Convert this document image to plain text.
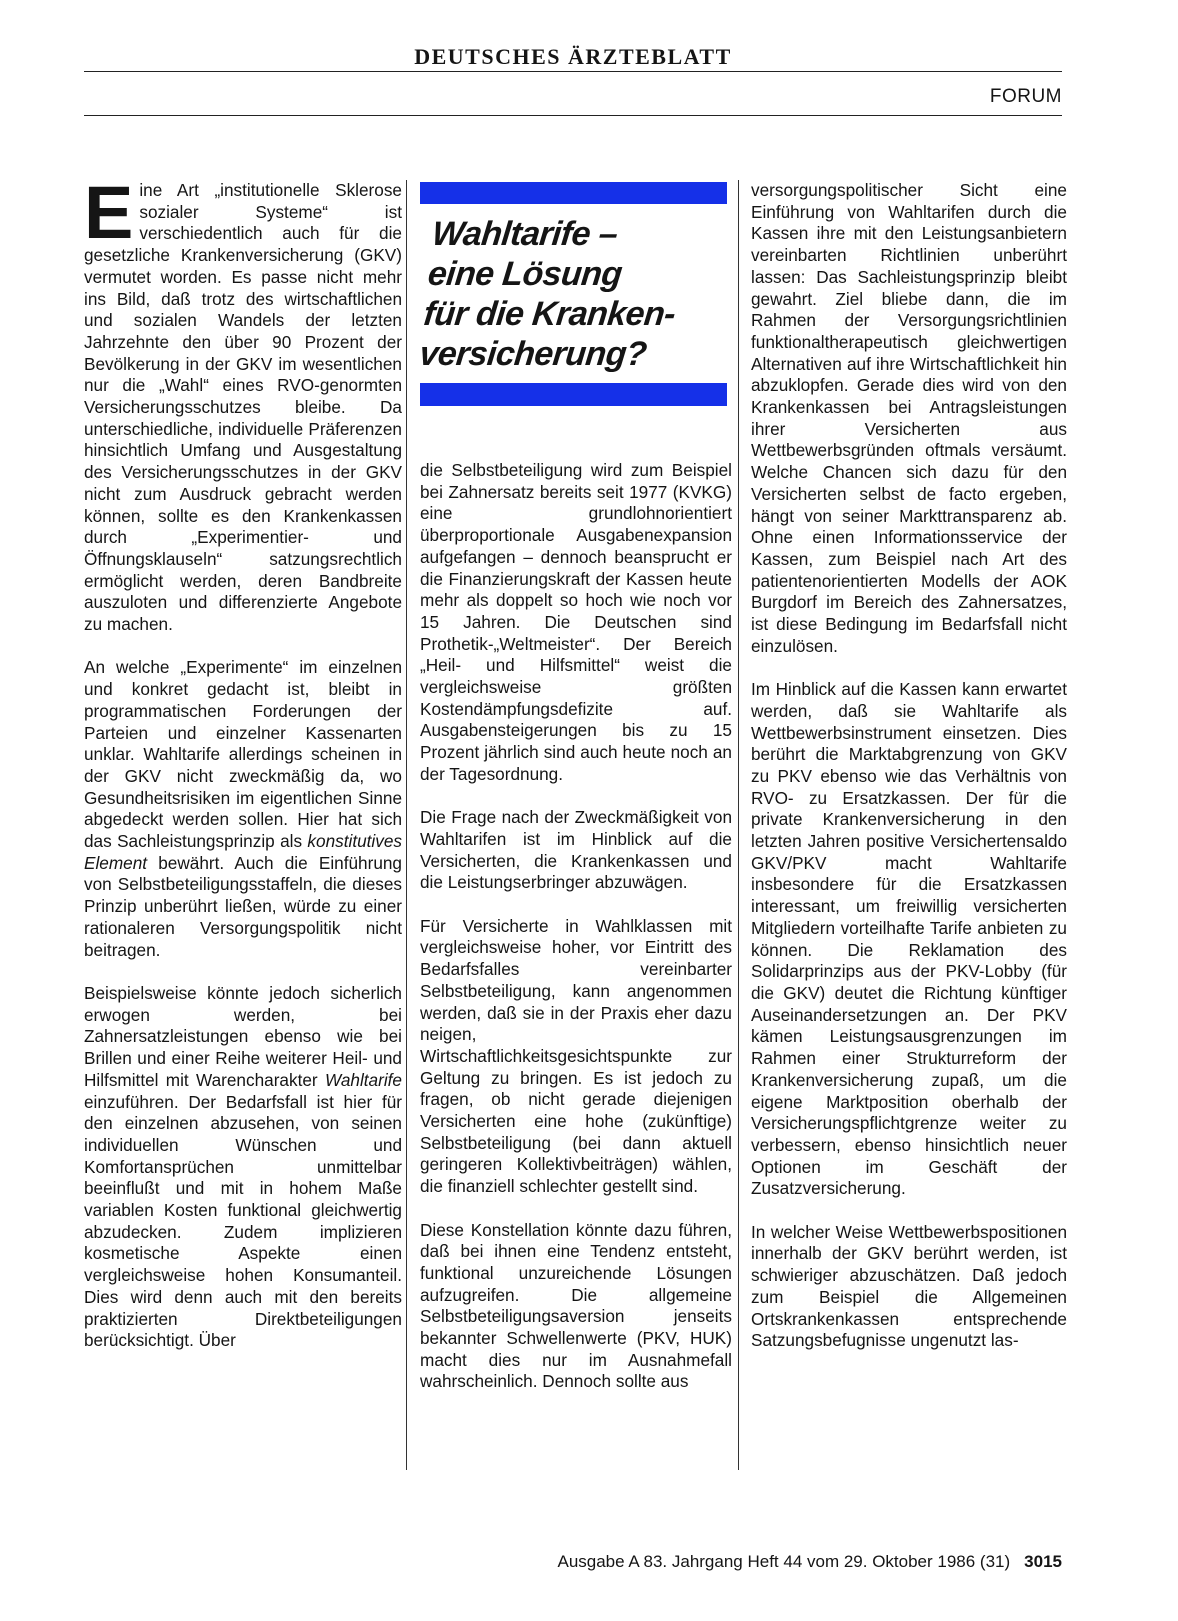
DEUTSCHES ÄRZTEBLATT
FORUM

Eine Art „institutionelle Sklerose sozialer Systeme“ ist verschiedentlich auch für die gesetzliche Krankenversicherung (GKV) vermutet worden. Es passe nicht mehr ins Bild, daß trotz des wirtschaftlichen und sozialen Wandels der letzten Jahrzehnte den über 90 Prozent der Bevölkerung in der GKV im wesentlichen nur die „Wahl“ eines RVO-genormten Versicherungsschutzes bleibe. Da unterschiedliche, individuelle Präferenzen hinsichtlich Umfang und Ausgestaltung des Versicherungsschutzes in der GKV nicht zum Ausdruck gebracht werden können, sollte es den Krankenkassen durch „Experimentier- und Öffnungsklauseln“ satzungsrechtlich ermöglicht werden, deren Bandbreite auszuloten und differenzierte Angebote zu machen.

An welche „Experimente“ im einzelnen und konkret gedacht ist, bleibt in programmatischen Forderungen der Parteien und einzelner Kassenarten unklar. Wahltarife allerdings scheinen in der GKV nicht zweckmäßig da, wo Gesundheitsrisiken im eigentlichen Sinne abgedeckt werden sollen. Hier hat sich das Sachleistungsprinzip als konstitutives Element bewährt. Auch die Einführung von Selbstbeteiligungsstaffeln, die dieses Prinzip unberührt ließen, würde zu einer rationaleren Versorgungspolitik nicht beitragen.

Beispielsweise könnte jedoch sicherlich erwogen werden, bei Zahnersatzleistungen ebenso wie bei Brillen und einer Reihe weiterer Heil- und Hilfsmittel mit Warencharakter Wahltarife einzuführen. Der Bedarfsfall ist hier für den einzelnen abzusehen, von seinen individuellen Wünschen und Komfortansprüchen unmittelbar beeinflußt und mit in hohem Maße variablen Kosten funktional gleichwertig abzudecken. Zudem implizieren kosmetische Aspekte einen vergleichsweise hohen Konsumanteil. Dies wird denn auch mit den bereits praktizierten Direktbeteiligungen berücksichtigt. Über

Wahltarife –
eine Lösung
für die Kranken-
versicherung?

die Selbstbeteiligung wird zum Beispiel bei Zahnersatz bereits seit 1977 (KVKG) eine grundlohnorientiert überproportionale Ausgabenexpansion aufgefangen – dennoch beansprucht er die Finanzierungskraft der Kassen heute mehr als doppelt so hoch wie noch vor 15 Jahren. Die Deutschen sind Prothetik-„Weltmeister“. Der Bereich „Heil- und Hilfsmittel“ weist die vergleichsweise größten Kostendämpfungsdefizite auf. Ausgabensteigerungen bis zu 15 Prozent jährlich sind auch heute noch an der Tagesordnung.

Die Frage nach der Zweckmäßigkeit von Wahltarifen ist im Hinblick auf die Versicherten, die Krankenkassen und die Leistungserbringer abzuwägen.

Für Versicherte in Wahlklassen mit vergleichsweise hoher, vor Eintritt des Bedarfsfalles vereinbarter Selbstbeteiligung, kann angenommen werden, daß sie in der Praxis eher dazu neigen, Wirtschaftlichkeitsgesichtspunkte zur Geltung zu bringen. Es ist jedoch zu fragen, ob nicht gerade diejenigen Versicherten eine hohe (zukünftige) Selbstbeteiligung (bei dann aktuell geringeren Kollektivbeiträgen) wählen, die finanziell schlechter gestellt sind.

Diese Konstellation könnte dazu führen, daß bei ihnen eine Tendenz entsteht, funktional unzureichende Lösungen aufzugreifen. Die allgemeine Selbstbeteiligungsaversion jenseits bekannter Schwellenwerte (PKV, HUK) macht dies nur im Ausnahmefall wahrscheinlich. Dennoch sollte aus

versorgungspolitischer Sicht eine Einführung von Wahltarifen durch die Kassen ihre mit den Leistungsanbietern vereinbarten Richtlinien unberührt lassen: Das Sachleistungsprinzip bleibt gewahrt. Ziel bliebe dann, die im Rahmen der Versorgungsrichtlinien funktionaltherapeutisch gleichwertigen Alternativen auf ihre Wirtschaftlichkeit hin abzuklopfen. Gerade dies wird von den Krankenkassen bei Antragsleistungen ihrer Versicherten aus Wettbewerbsgründen oftmals versäumt. Welche Chancen sich dazu für den Versicherten selbst de facto ergeben, hängt von seiner Markttransparenz ab. Ohne einen Informationsservice der Kassen, zum Beispiel nach Art des patientenorientierten Modells der AOK Burgdorf im Bereich des Zahnersatzes, ist diese Bedingung im Bedarfsfall nicht einzulösen.

Im Hinblick auf die Kassen kann erwartet werden, daß sie Wahltarife als Wettbewerbsinstrument einsetzen. Dies berührt die Marktabgrenzung von GKV zu PKV ebenso wie das Verhältnis von RVO- zu Ersatzkassen. Der für die private Krankenversicherung in den letzten Jahren positive Versichertensaldo GKV/PKV macht Wahltarife insbesondere für die Ersatzkassen interessant, um freiwillig versicherten Mitgliedern vorteilhafte Tarife anbieten zu können. Die Reklamation des Solidarprinzips aus der PKV-Lobby (für die GKV) deutet die Richtung künftiger Auseinandersetzungen an. Der PKV kämen Leistungsausgrenzungen im Rahmen einer Strukturreform der Krankenversicherung zupaß, um die eigene Marktposition oberhalb der Versicherungspflichtgrenze weiter zu verbessern, ebenso hinsichtlich neuer Optionen im Geschäft der Zusatzversicherung.

In welcher Weise Wettbewerbspositionen innerhalb der GKV berührt werden, ist schwieriger abzuschätzen. Daß jedoch zum Beispiel die Allgemeinen Ortskrankenkassen entsprechende Satzungsbefugnisse ungenutzt las-

Ausgabe A 83. Jahrgang Heft 44 vom 29. Oktober 1986 (31) 3015
